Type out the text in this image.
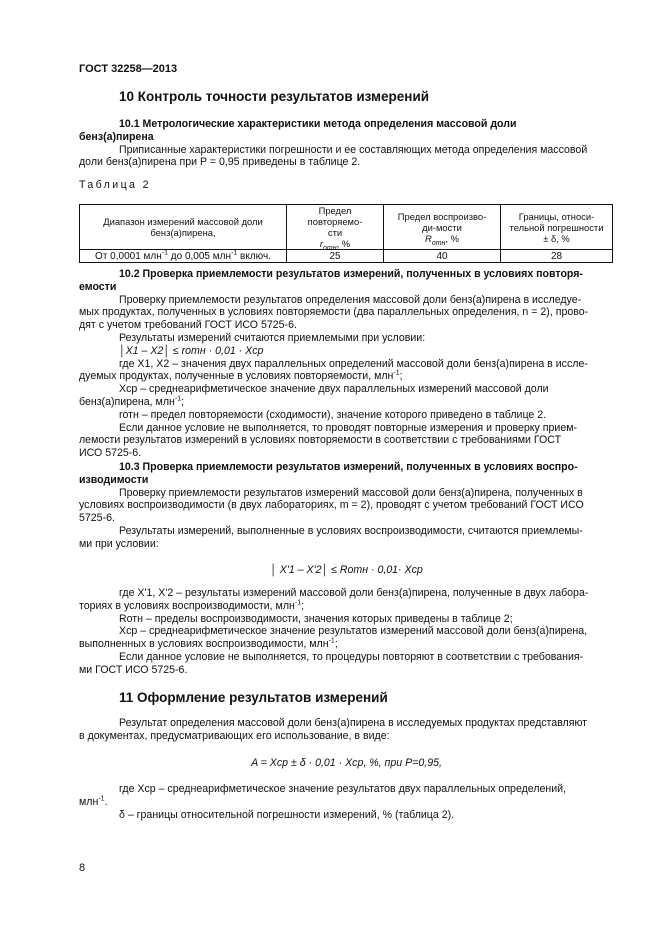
ГОСТ 32258—2013
10 Контроль точности результатов измерений

10.1 Метрологические характеристики метода определения массовой доли

бенз(а)пирена

Приписанные характеристики погрешности и ее составляющих метода определения массовой

доли бенз(а)пирена при P = 0,95 приведены в таблице 2.

Таблица 2
Диапазон измерений массовой доли бенз(а)пирена,	Предел повторяемо-
сти
$r_{отн}$, %	Предел воспроизво-
ди-мости
$R_{отн}$, %	Границы, относи-
тельной погрешности
± δ, %
От 0,0001 млн$^{-1}$ до 0,005 млн$^{-1}$ включ.	25	40	28

10.2 Проверка приемлемости результатов измерений, полученных в условиях повторя-

емости

Проверку приемлемости результатов определения массовой доли бенз(а)пирена в исследуе-

мых продуктах, полученных в условиях повторяемости (два параллельных определения, n = 2), прово-

дят с учетом требований ГОСТ ИСО 5725-6.

Результаты измерений считаются приемлемыми при условии:

│X1 – X2│ ≤ rотн · 0,01 · Xср

где X1, X2 – значения двух параллельных определений массовой доли бенз(а)пирена в иссле-

дуемых продуктах, полученные в условиях повторяемости, млн$^{-1}$;

Xср – среднеарифметическое значение двух параллельных измерений массовой доли

бенз(а)пирена, млн$^{-1}$;

rотн – предел повторяемости (сходимости), значение которого приведено в таблице 2.

Если данное условие не выполняется, то проводят повторные измерения и проверку прием-

лемости результатов измерений в условиях повторяемости в соответствии с требованиями ГОСТ

ИСО 5725-6.

10.3 Проверка приемлемости результатов измерений, полученных в условиях воспро-

изводимости

Проверку приемлемости результатов измерений массовой доли бенз(а)пирена, полученных в

условиях воспроизводимости (в двух лабораториях, m = 2), проводят с учетом требований ГОСТ ИСО

5725-6.

Результаты измерений, выполненные в условиях воспроизводимости, считаются приемлемы-

ми при условии:

│ X'1 – X'2│ ≤ Rотн · 0,01· Xср

где X'1, X'2 – результаты измерений массовой доли бенз(а)пирена, полученные в двух лабора-

ториях в условиях воспроизводимости, млн$^{-1}$;

Rотн – пределы воспроизводимости, значения которых приведены в таблице 2;

Xср – среднеарифметическое значение результатов измерений массовой доли бенз(а)пирена,

выполненных в условиях воспроизводимости, млн$^{-1}$;

Если данное условие не выполняется, то процедуры повторяют в соответствии с требования-

ми ГОСТ ИСО 5725-6.

11 Оформление результатов измерений

Результат определения массовой доли бенз(а)пирена в исследуемых продуктах представляют

в документах, предусматривающих его использование, в виде:

A = Xср ± δ · 0,01 · Xср, %, при P=0,95,

где Xср – среднеарифметическое значение результатов двух параллельных определений,

млн$^{-1}$.

δ – границы относительной погрешности измерений, % (таблица 2).

8
